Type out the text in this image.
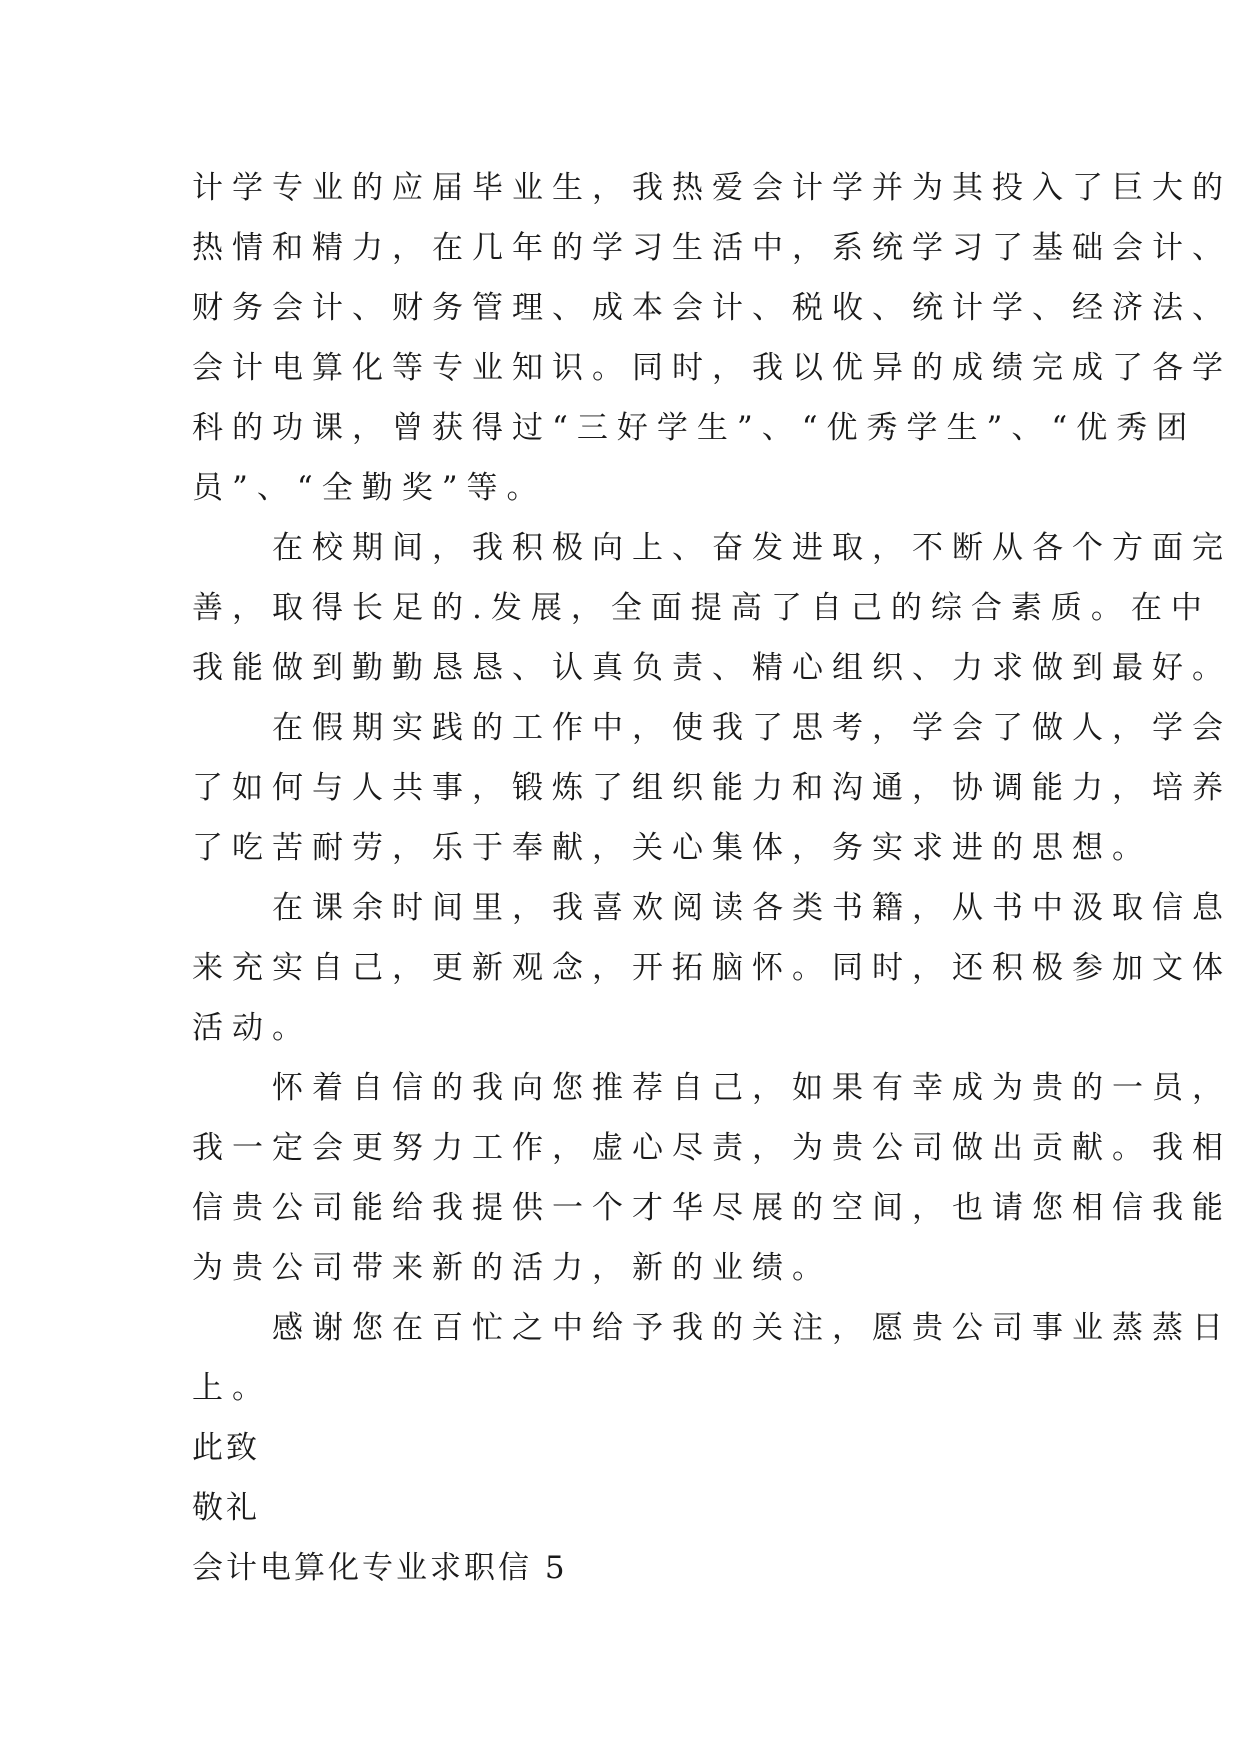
计学专业的应届毕业生，我热爱会计学并为其投入了巨大的
热情和精力，在几年的学习生活中，系统学习了基础会计、
财务会计、财务管理、成本会计、税收、统计学、经济法、
会计电算化等专业知识。同时，我以优异的成绩完成了各学
科的功课，曾获得过“三好学生”、“优秀学生”、“优秀团
员”、“全勤奖”等。
　　在校期间，我积极向上、奋发进取，不断从各个方面完
善，取得长足的.发展，全面提高了自己的综合素质。在中
我能做到勤勤恳恳、认真负责、精心组织、力求做到最好。
　　在假期实践的工作中，使我了思考，学会了做人，学会
了如何与人共事，锻炼了组织能力和沟通，协调能力，培养
了吃苦耐劳，乐于奉献，关心集体，务实求进的思想。
　　在课余时间里，我喜欢阅读各类书籍，从书中汲取信息
来充实自己，更新观念，开拓脑怀。同时，还积极参加文体
活动。
　　怀着自信的我向您推荐自己，如果有幸成为贵的一员，
我一定会更努力工作，虚心尽责，为贵公司做出贡献。我相
信贵公司能给我提供一个才华尽展的空间，也请您相信我能
为贵公司带来新的活力，新的业绩。
　　感谢您在百忙之中给予我的关注，愿贵公司事业蒸蒸日
上。
此致
敬礼
会计电算化专业求职信 5
